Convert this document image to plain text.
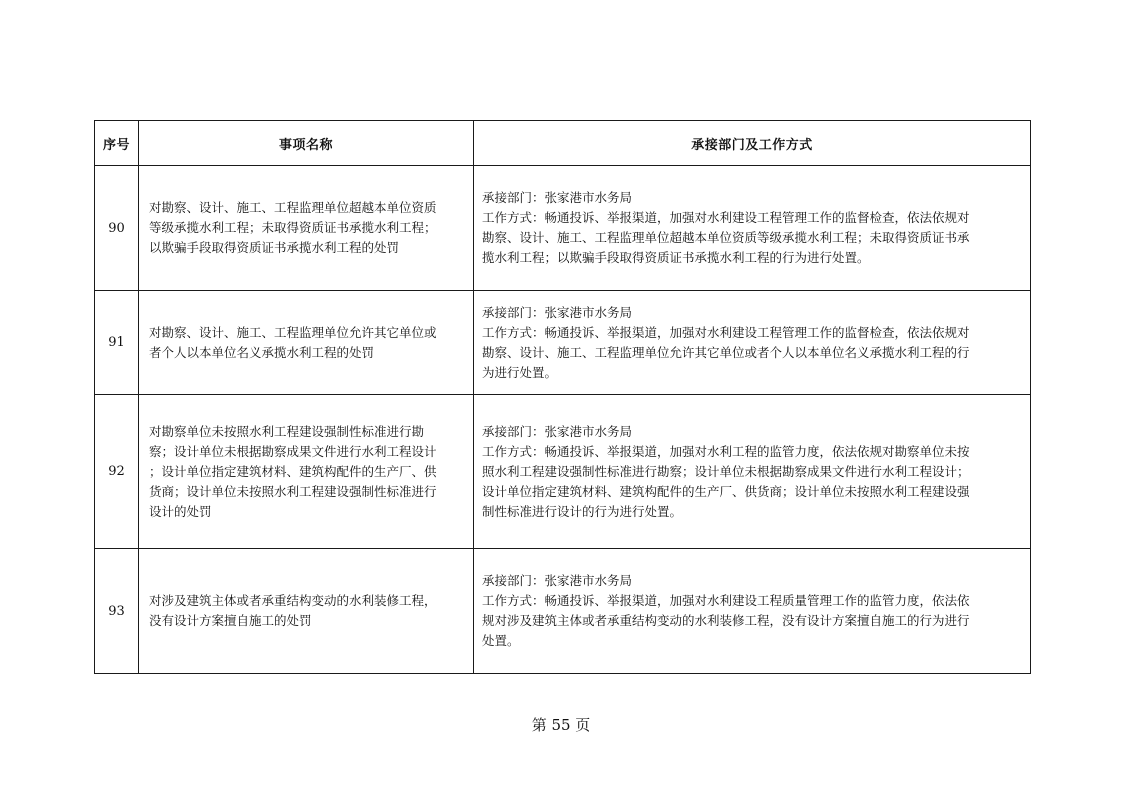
序号	事项名称	承接部门及工作方式
90	对勘察、设计、施工、工程监理单位超越本单位资质
等级承揽水利工程；未取得资质证书承揽水利工程；
以欺骗手段取得资质证书承揽水利工程的处罚	承接部门：张家港市水务局
工作方式：畅通投诉、举报渠道，加强对水利建设工程管理工作的监督检查，依法依规对
勘察、设计、施工、工程监理单位超越本单位资质等级承揽水利工程；未取得资质证书承
揽水利工程；以欺骗手段取得资质证书承揽水利工程的行为进行处置。

91	对勘察、设计、施工、工程监理单位允许其它单位或
者个人以本单位名义承揽水利工程的处罚	承接部门：张家港市水务局
工作方式：畅通投诉、举报渠道，加强对水利建设工程管理工作的监督检查，依法依规对
勘察、设计、施工、工程监理单位允许其它单位或者个人以本单位名义承揽水利工程的行
为进行处置。

92	对勘察单位未按照水利工程建设强制性标准进行勘
察；设计单位未根据勘察成果文件进行水利工程设计
；设计单位指定建筑材料、建筑构配件的生产厂、供
货商；设计单位未按照水利工程建设强制性标准进行
设计的处罚	承接部门：张家港市水务局
工作方式：畅通投诉、举报渠道，加强对水利工程的监管力度，依法依规对勘察单位未按
照水利工程建设强制性标准进行勘察；设计单位未根据勘察成果文件进行水利工程设计；
设计单位指定建筑材料、建筑构配件的生产厂、供货商；设计单位未按照水利工程建设强
制性标准进行设计的行为进行处置。

93	对涉及建筑主体或者承重结构变动的水利装修工程，
没有设计方案擅自施工的处罚	承接部门：张家港市水务局
工作方式：畅通投诉、举报渠道，加强对水利建设工程质量管理工作的监管力度，依法依
规对涉及建筑主体或者承重结构变动的水利装修工程，没有设计方案擅自施工的行为进行
处置。
第 55 页
